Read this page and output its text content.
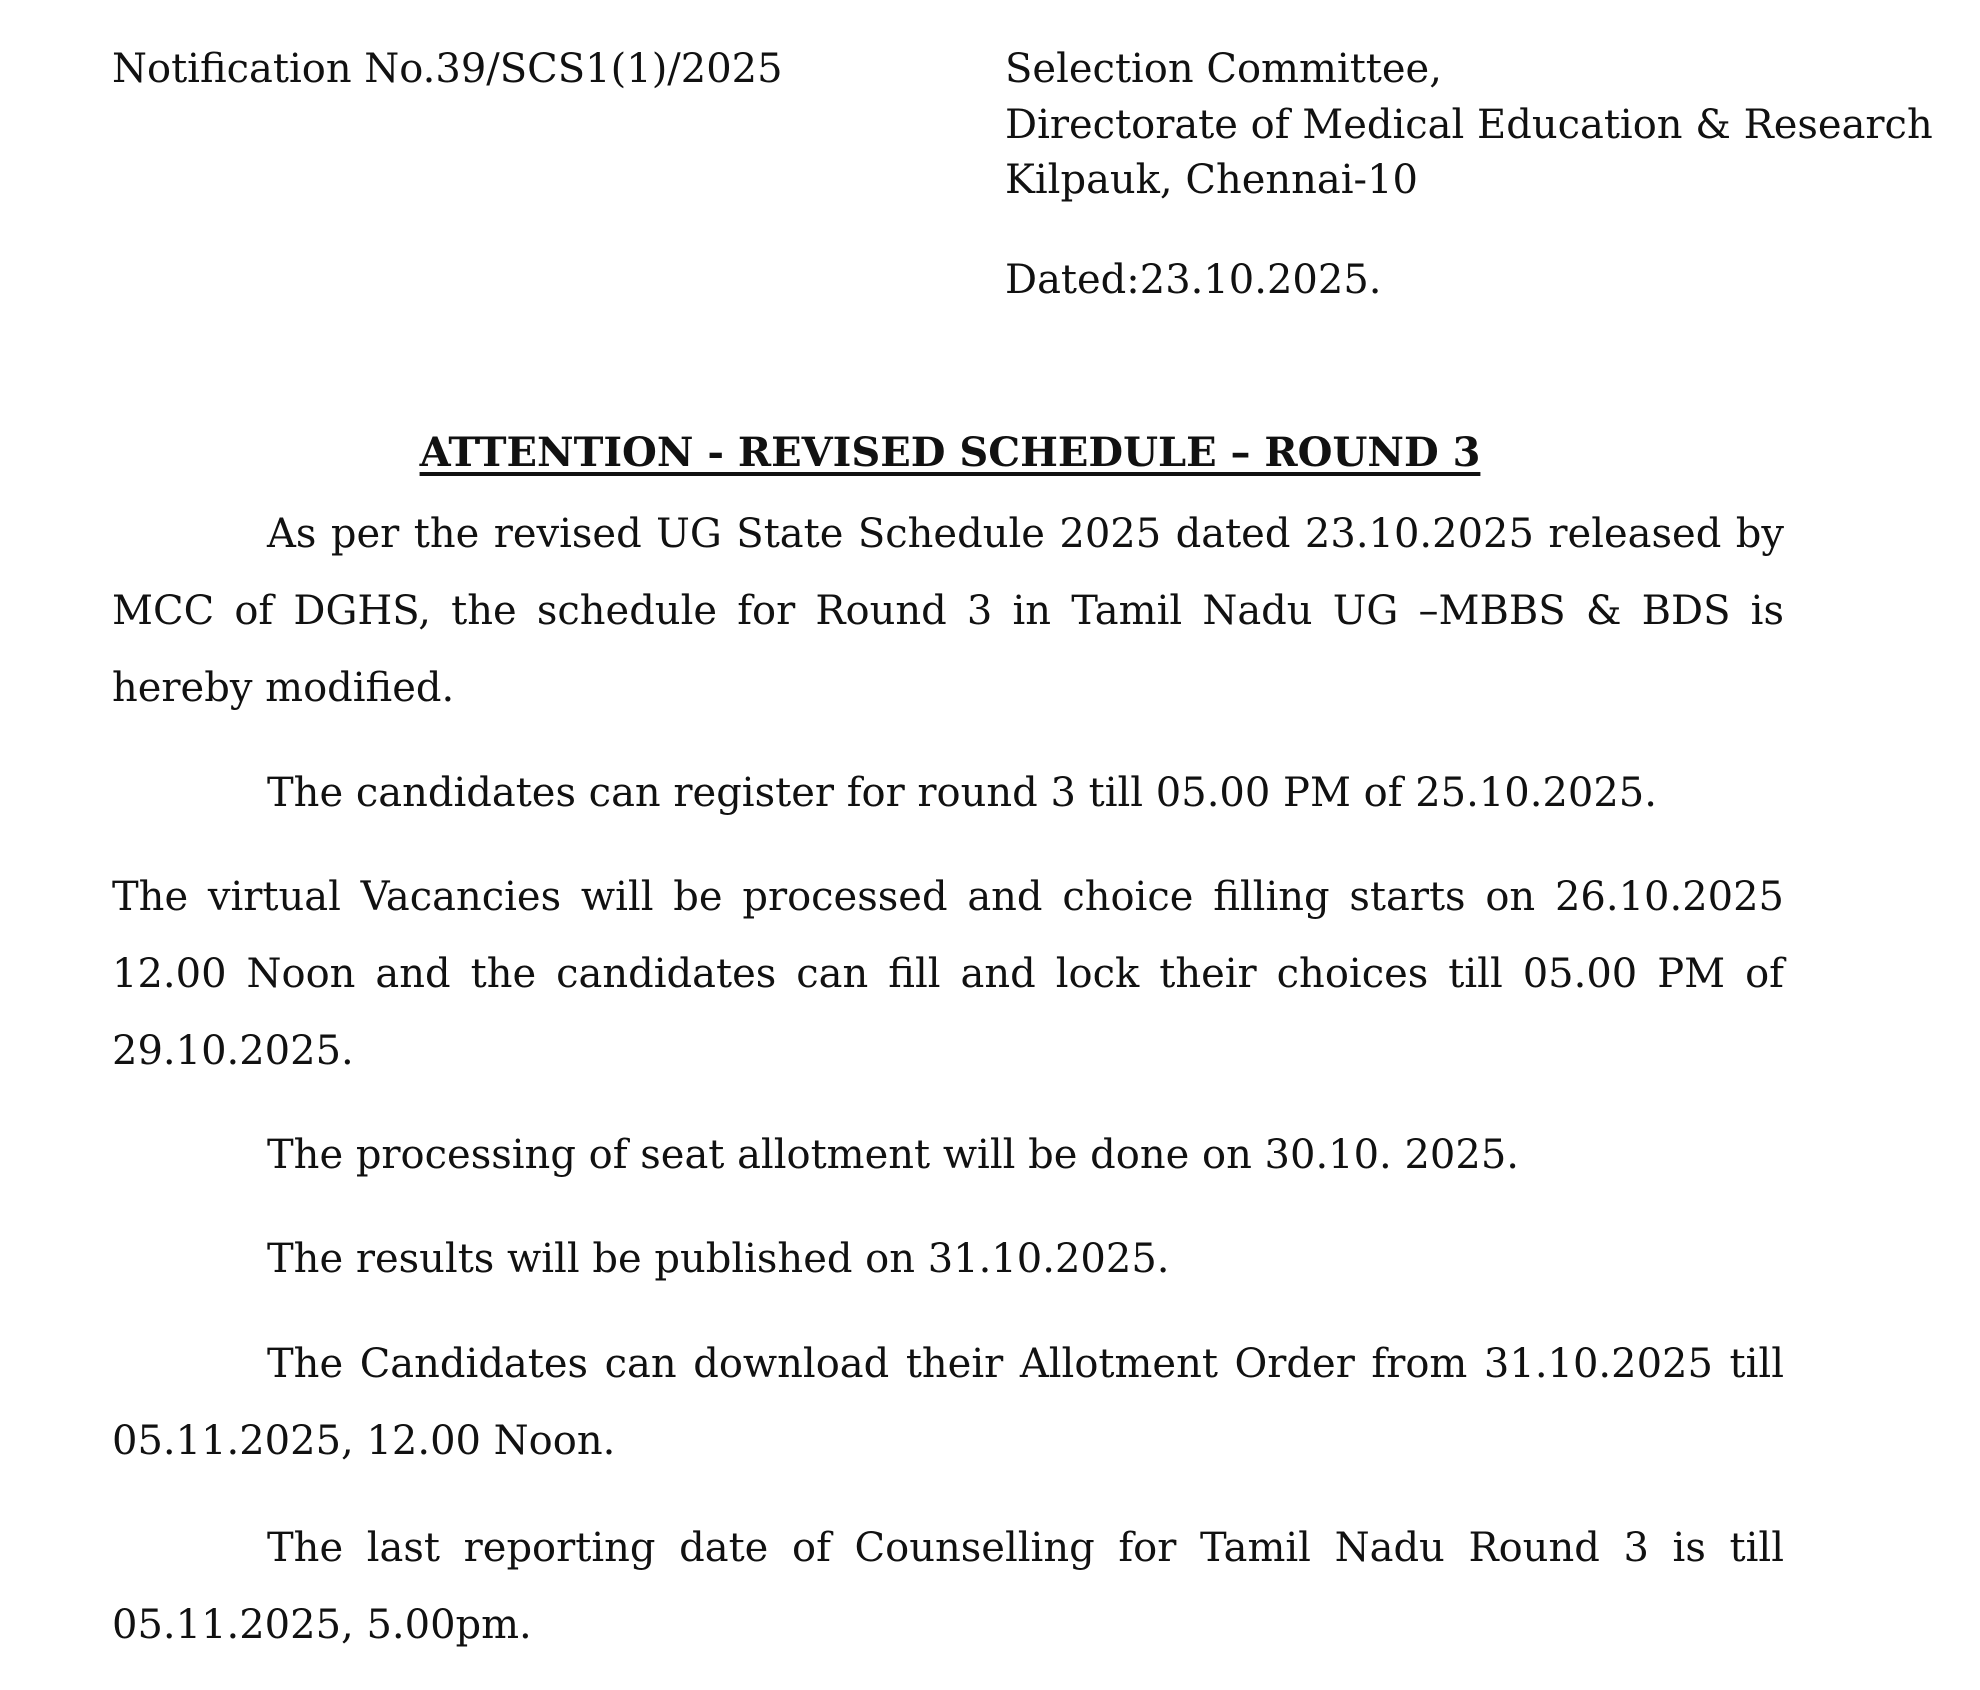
Notification No.39/SCS1(1)/2025	Selection Committee,
Directorate of Medical Education & Research
Kilpauk, Chennai-10
Dated:23.10.2025.
ATTENTION - REVISED SCHEDULE – ROUND 3

As per the revised UG State Schedule 2025 dated 23.10.2025 released by MCC of DGHS, the schedule for Round 3 in Tamil Nadu UG –MBBS & BDS is hereby modified.

The candidates can register for round 3 till 05.00 PM of 25.10.2025.

The virtual Vacancies will be processed and choice filling starts on 26.10.2025 12.00 Noon and the candidates can fill and lock their choices till 05.00 PM of 29.10.2025.

The processing of seat allotment will be done on 30.10. 2025.

The results will be published on 31.10.2025.

The Candidates can download their Allotment Order from 31.10.2025 till 05.11.2025, 12.00 Noon.

The last reporting date of Counselling for Tamil Nadu Round 3 is till 05.11.2025, 5.00pm.
